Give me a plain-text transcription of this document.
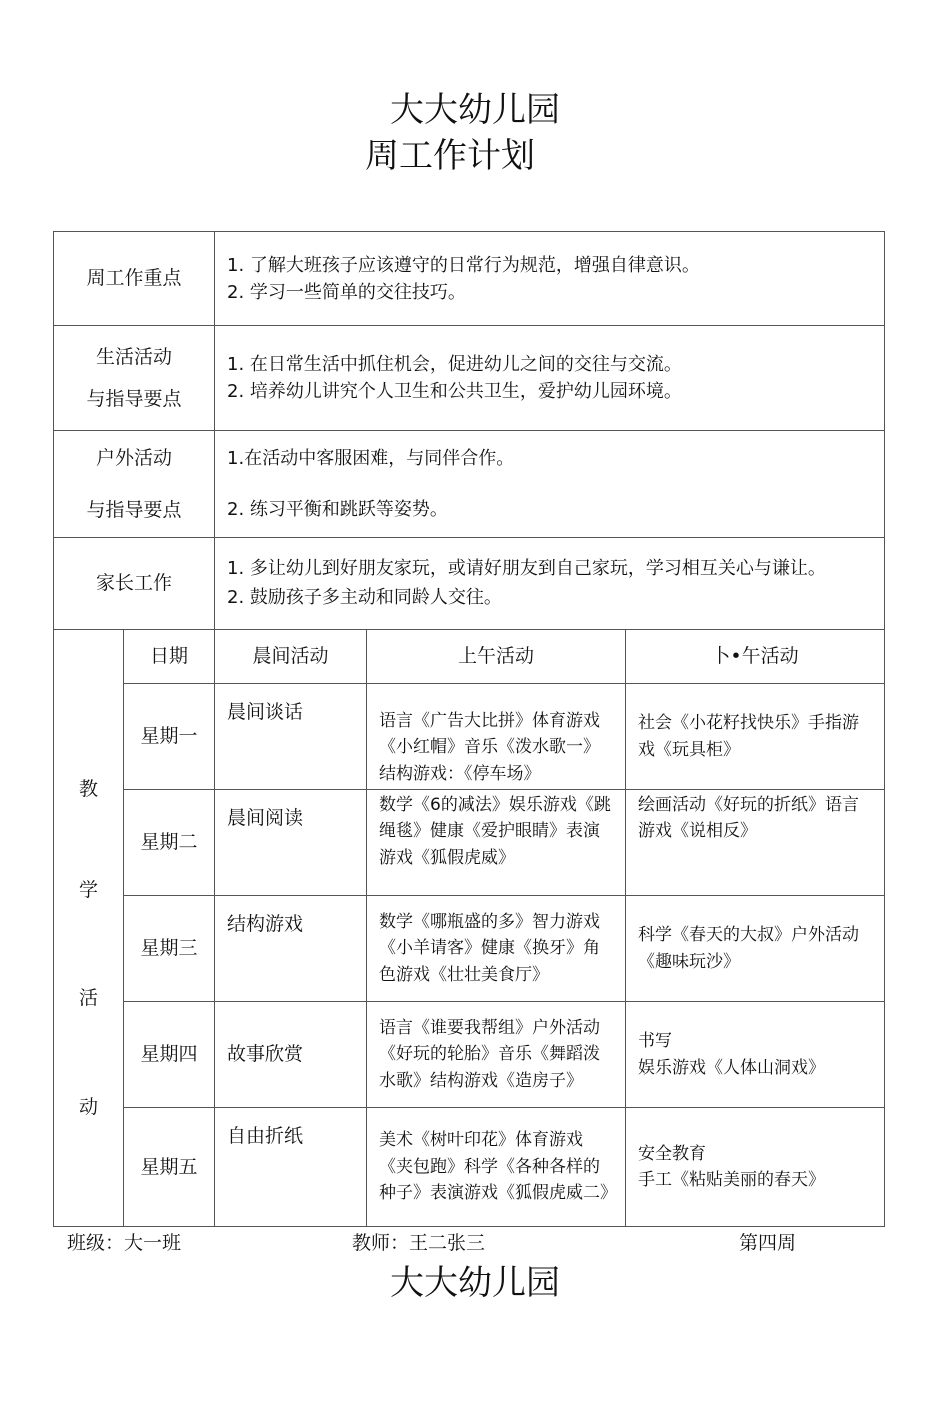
大大幼儿园
周工作计划
周工作重点		1. 了解大班孩子应该遵守的日常行为规范，增强自律意识。
2. 学习一些简单的交往技巧。		

生活活动
与指导要点		1. 在日常生活中抓住机会，促进幼儿之间的交往与交流。
2. 培养幼儿讲究个人卫生和公共卫生，爱护幼儿园环境。		

户外活动
与指导要点		1.在活动中客服困难，与同伴合作。
2. 练习平衡和跳跃等姿势。		

家长工作		1. 多让幼儿到好朋友家玩，或请好朋友到自己家玩，学习相互关心与谦让。
2. 鼓励孩子多主动和同龄人交往。		

教
学
活
动	日期	晨间活动	上午活动	卜•午活动
	星期一	晨间谈话	语言《广告大比拼》体育游戏《小红帽》音乐《泼水歌一》结构游戏：《停车场》	社会《小花籽找快乐》手指游戏《玩具柜》
	星期二	晨间阅读	数学《6的减法》娱乐游戏《跳绳毯》健康《爱护眼睛》表演游戏《狐假虎威》	绘画活动《好玩的折纸》语言游戏《说相反》
	星期三	结构游戏	数学《哪瓶盛的多》智力游戏《小羊请客》健康《换牙》角色游戏《壮壮美食厅》	科学《春天的大叔》户外活动《趣味玩沙》
	星期四	故事欣赏	语言《谁要我帮组》户外活动《好玩的轮胎》音乐《舞蹈泼水歌》结构游戏《造房子》	书写
娱乐游戏《人体山洞戏》

	星期五	自由折纸	美术《树叶印花》体育游戏《夹包跑》科学《各种各样的种子》表演游戏《狐假虎威二》	安全教育
手工《粘贴美丽的春天》
班级：大一班	教师：王二张三	第四周
大大幼儿园
